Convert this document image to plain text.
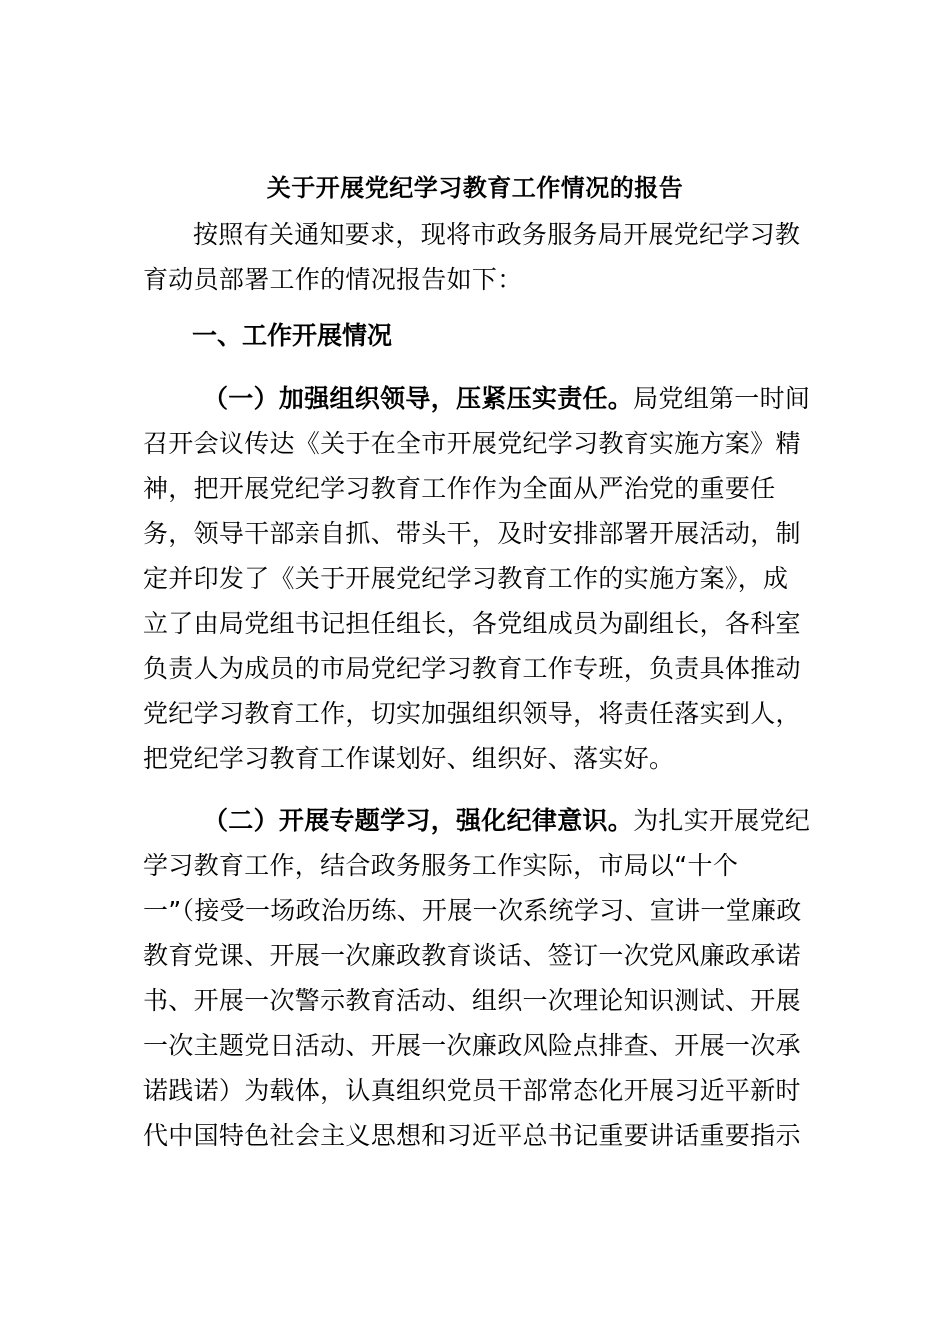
关于开展党纪学习教育工作情况的报告
按照有关通知要求，现将市政务服务局开展党纪学习教
育动员部署工作的情况报告如下：
一、工作开展情况
（一）加强组织领导，压紧压实责任。局党组第一时间
召开会议传达《关于在全市开展党纪学习教育实施方案》精
神，把开展党纪学习教育工作作为全面从严治党的重要任
务，领导干部亲自抓、带头干，及时安排部署开展活动，制
定并印发了《关于开展党纪学习教育工作的实施方案》，成
立了由局党组书记担任组长，各党组成员为副组长，各科室
负责人为成员的市局党纪学习教育工作专班，负责具体推动
党纪学习教育工作，切实加强组织领导，将责任落实到人，
把党纪学习教育工作谋划好、组织好、落实好。
（二）开展专题学习，强化纪律意识。为扎实开展党纪
学习教育工作，结合政务服务工作实际，市局以“十个
一”（接受一场政治历练、开展一次系统学习、宣讲一堂廉政
教育党课、开展一次廉政教育谈话、签订一次党风廉政承诺
书、开展一次警示教育活动、组织一次理论知识测试、开展
一次主题党日活动、开展一次廉政风险点排查、开展一次承
诺践诺）为载体，认真组织党员干部常态化开展习近平新时
代中国特色社会主义思想和习近平总书记重要讲话重要指示
